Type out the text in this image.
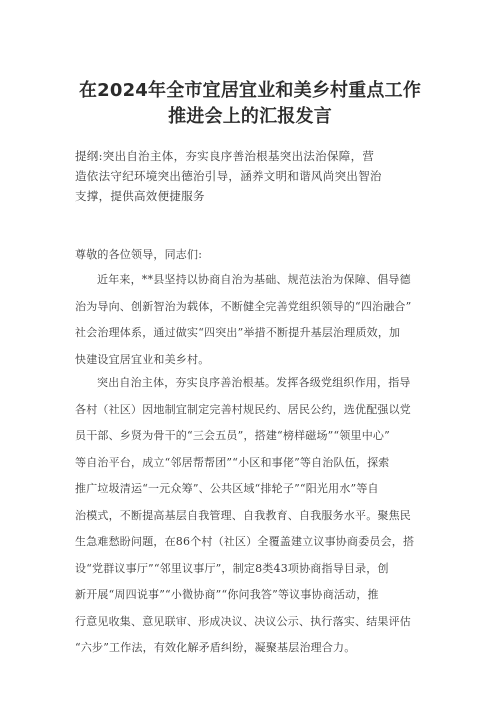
在2024年全市宜居宜业和美乡村重点工作
推进会上的汇报发言
提纲:突出自治主体，夯实良序善治根基突出法治保障，营
造依法守纪环境突出德治引导，涵养文明和谐风尚突出智治
支撑，提供高效便捷服务
尊敬的各位领导，同志们:
近年来，**县坚持以协商自治为基础、规范法治为保障、倡导德
治为导向、创新智治为载体，不断健全完善党组织领导的“四治融合”
社会治理体系，通过做实“四突出”举措不断提升基层治理质效，加
快建设宜居宜业和美乡村。
突出自治主体，夯实良序善治根基。发挥各级党组织作用，指导
各村（社区）因地制宜制定完善村规民约、居民公约，选优配强以党
员干部、乡贤为骨干的“三会五员”，搭建“榜样磁场”“领里中心”
等自治平台，成立“邻居帮帮团”“小区和事佬”等自治队伍，探索
推广垃圾清运“一元众筹”、公共区域“排轮子”“阳光用水”等自
治模式，不断提高基层自我管理、自我教育、自我服务水平。聚焦民
生急难愁盼问题，在86个村（社区）全覆盖建立议事协商委员会，搭
设“党群议事厅”“邻里议事厅”，制定8类43项协商指导目录，创
新开展“周四说事”“小微协商”“你问我答”等议事协商活动，推
行意见收集、意见联审、形成决议、决议公示、执行落实、结果评估
“六步”工作法，有效化解矛盾纠纷，凝聚基层治理合力。
